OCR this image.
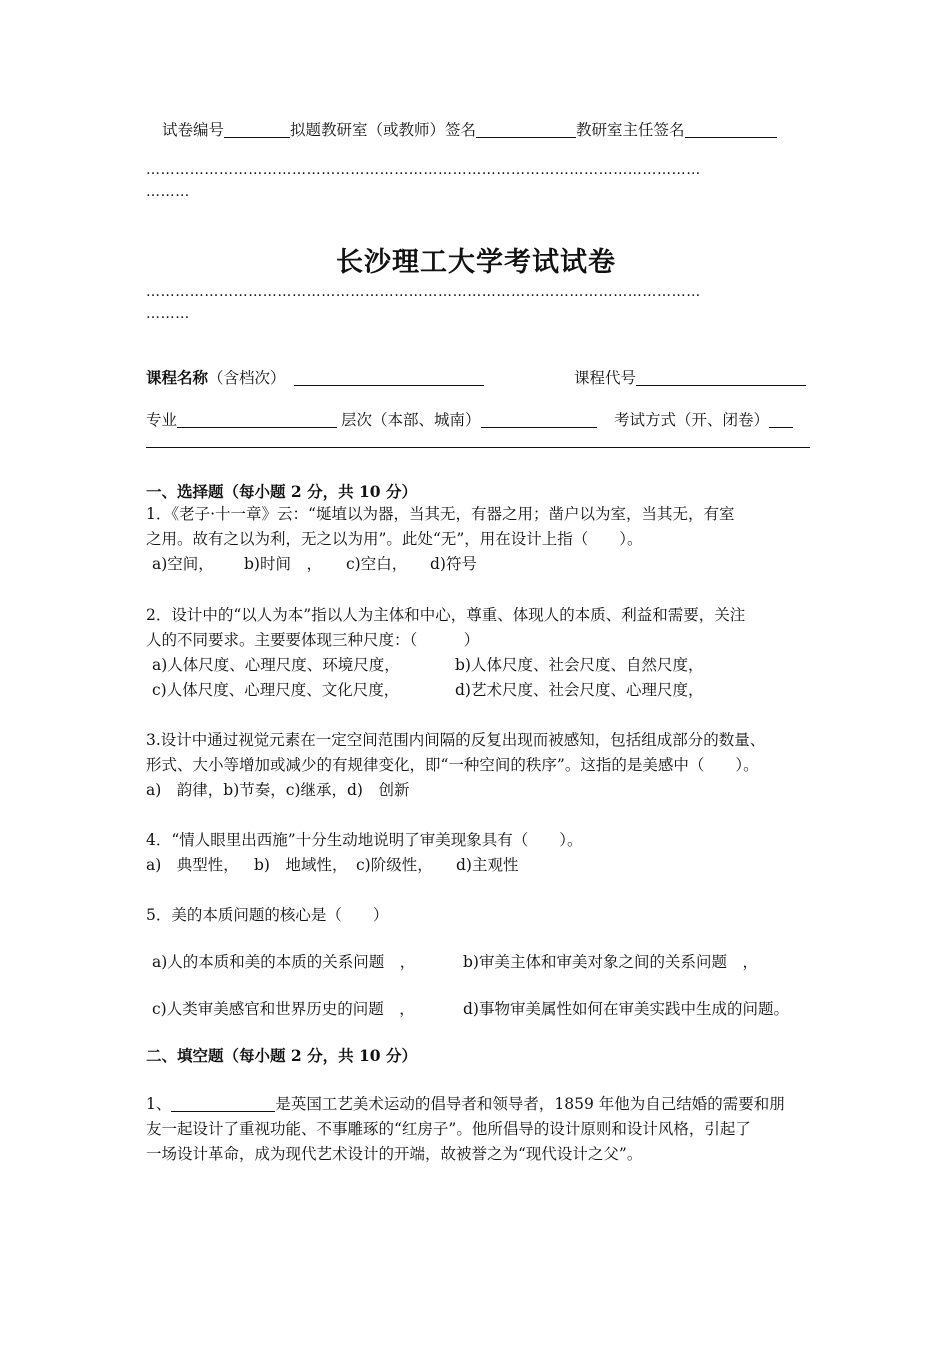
试卷编号	拟题教研室（或教师）签名	教研室主任签名
……………………………………………………………………………………………………
………
长沙理工大学考试试卷
……………………………………………………………………………………………………
………
课程名称（含档次）	课程代号
专业	层次（本部、城南）	考试方式（开、闭卷）
一、选择题（每小题 2 分，共 10 分）
1．《老子·十一章》云：“埏埴以为器，当其无，有器之用；凿户以为室，当其无，有室
之用。故有之以为利，无之以为用”。此处“无”，用在设计上指（　　）。
a)空间， b)时间　， c)空白， d)符号
2．设计中的“以人为本”指以人为主体和中心，尊重、体现人的本质、利益和需要，关注
人的不同要求。主要要体现三种尺度：（　　　）
a)人体尺度、心理尺度、环境尺度，	b)人体尺度、社会尺度、自然尺度，
c)人体尺度、心理尺度、文化尺度，	d)艺术尺度、社会尺度、心理尺度，
3.设计中通过视觉元素在一定空间范围内间隔的反复出现而被感知，包括组成部分的数量、
形式、大小等增加或减少的有规律变化，即“一种空间的秩序”。这指的是美感中（　　）。
a)　韵律，b)节奏，c)继承，d)　创新
4．“情人眼里出西施”十分生动地说明了审美现象具有（　　）。
a)　典型性， b)　地域性， c)阶级性， d)主观性
5．美的本质问题的核心是（　　）
a)人的本质和美的本质的关系问题　，	b)审美主体和审美对象之间的关系问题　，
c)人类审美感官和世界历史的问题　，	d)事物审美属性如何在审美实践中生成的问题。
二、填空题（每小题 2 分，共 10 分）
1、	是英国工艺美术运动的倡导者和领导者，1859 年他为自己结婚的需要和朋
友一起设计了重视功能、不事雕琢的“红房子”。他所倡导的设计原则和设计风格，引起了
一场设计革命，成为现代艺术设计的开端，故被誉之为“现代设计之父”。
